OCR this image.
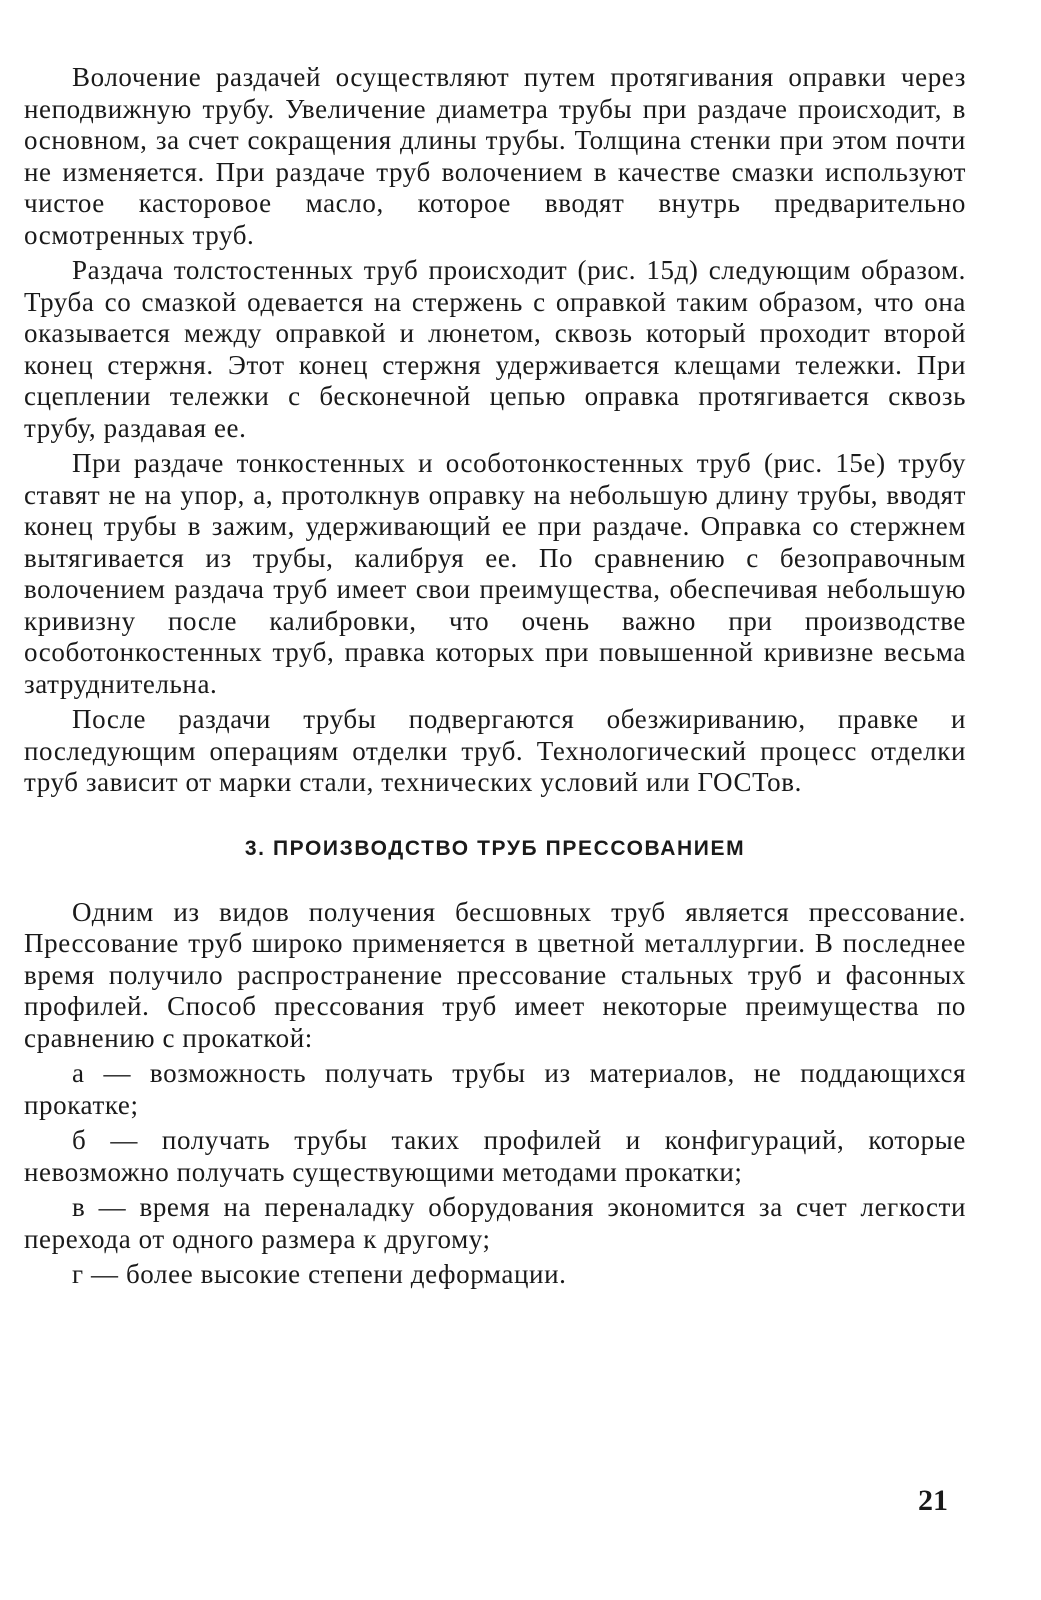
Волочение раздачей осуществляют путем протягивания оправки через неподвижную трубу. Увеличение диаметра трубы при раздаче происходит, в основном, за счет сокращения длины трубы. Толщина стенки при этом почти не изменяется. При раздаче труб волочением в качестве смазки используют чистое касторовое масло, которое вводят внутрь предварительно осмотренных труб.

Раздача толстостенных труб происходит (рис. 15д) следующим образом. Труба со смазкой одевается на стержень с оправкой таким образом, что она оказывается между оправкой и люнетом, сквозь который проходит второй конец стержня. Этот конец стержня удерживается клещами тележки. При сцеплении тележки с бесконечной цепью оправка протягивается сквозь трубу, раздавая ее.

При раздаче тонкостенных и особотонкостенных труб (рис. 15е) трубу ставят не на упор, а, протолкнув оправку на небольшую длину трубы, вводят конец трубы в зажим, удерживающий ее при раздаче. Оправка со стержнем вытягивается из трубы, калибруя ее. По сравнению с безоправочным волочением раздача труб имеет свои преимущества, обеспечивая небольшую кривизну после калибровки, что очень важно при производстве особотонкостенных труб, правка которых при повышенной кривизне весьма затруднительна.

После раздачи трубы подвергаются обезжириванию, правке и последующим операциям отделки труб. Технологический процесс отделки труб зависит от марки стали, технических условий или ГОСТов.

3. ПРОИЗВОДСТВО ТРУБ ПРЕССОВАНИЕМ

Одним из видов получения бесшовных труб является прессование. Прессование труб широко применяется в цветной металлургии. В последнее время получило распространение прессование стальных труб и фасонных профилей. Способ прессования труб имеет некоторые преимущества по сравнению с прокаткой:

а — возможность получать трубы из материалов, не поддающихся прокатке;

б — получать трубы таких профилей и конфигураций, которые невозможно получать существующими методами прокатки;

в — время на переналадку оборудования экономится за счет легкости перехода от одного размера к другому;

г — более высокие степени деформации.

21
